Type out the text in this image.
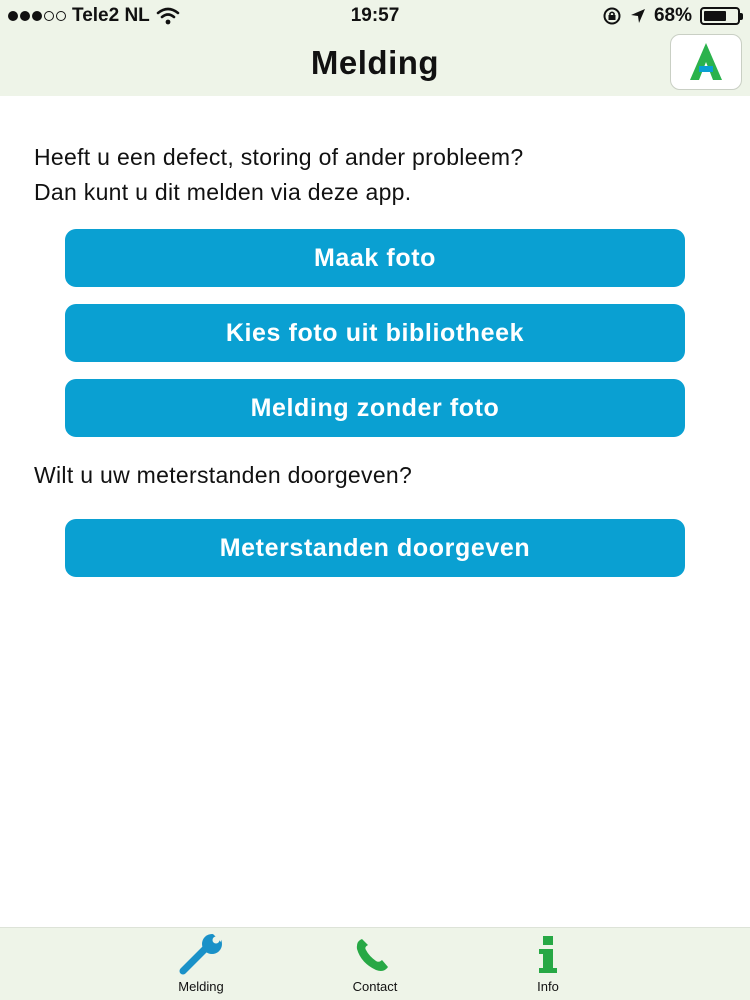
Tele2 NL	19:57	68%
Melding
Heeft u een defect, storing of ander probleem?
Dan kunt u dit melden via deze app.
Maak foto
Kies foto uit bibliotheek
Melding zonder foto
Wilt u uw meterstanden doorgeven?
Meterstanden doorgeven
Melding	Contact	Info
